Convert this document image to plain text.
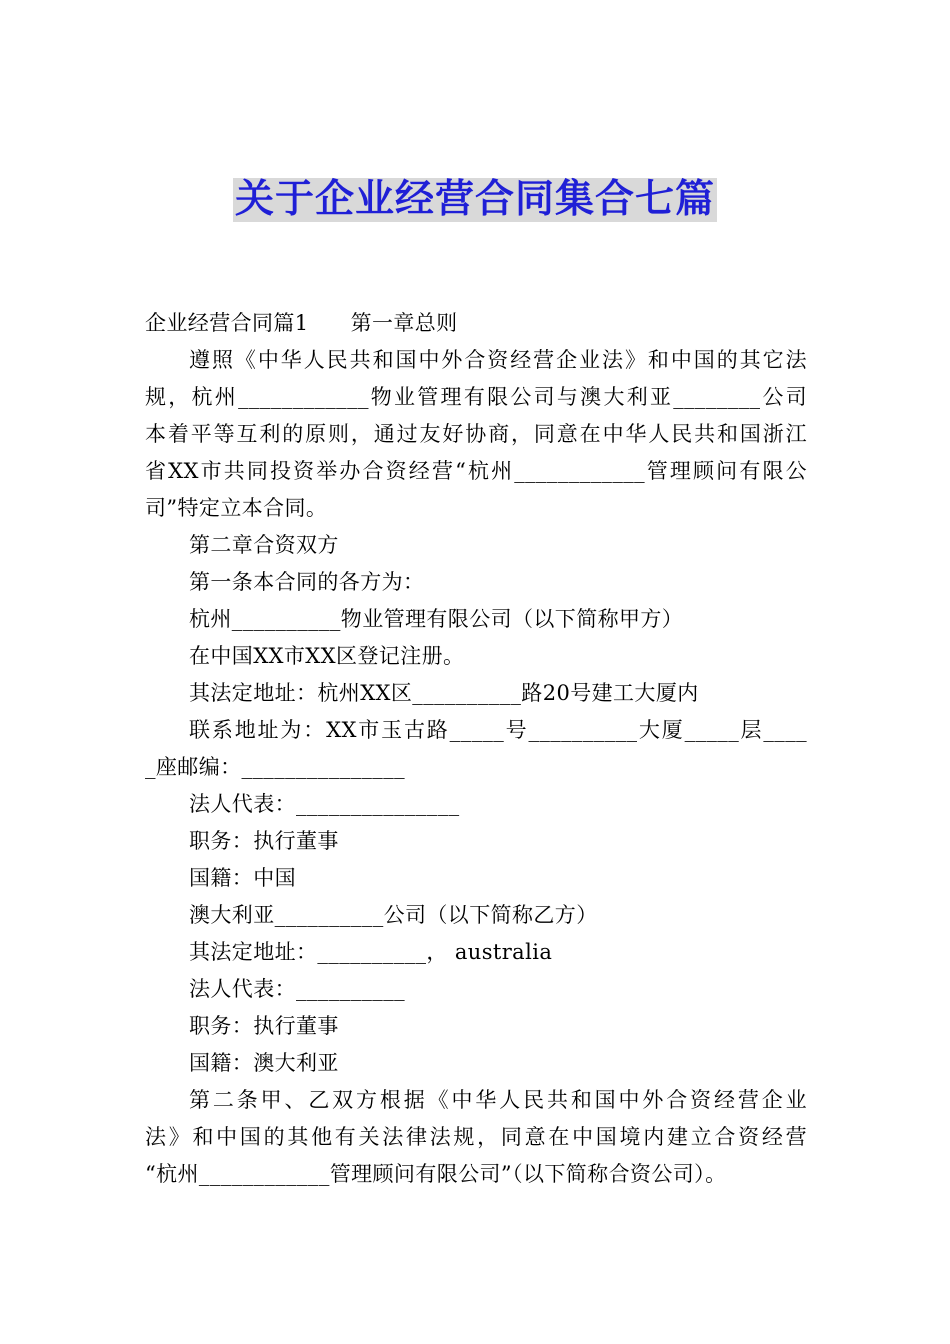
关于企业经营合同集合七篇
企业经营合同篇1 第一章总则
遵照《中华人民共和国中外合资经营企业法》和中国的其它法
规，杭州____________物业管理有限公司与澳大利亚________公司
本着平等互利的原则，通过友好协商，同意在中华人民共和国浙江
省XX市共同投资举办合资经营“杭州____________管理顾问有限公
司”特定立本合同。
第二章合资双方
第一条本合同的各方为：
杭州__________物业管理有限公司（以下简称甲方）
在中国XX市XX区登记注册。
其法定地址：杭州XX区__________路20号建工大厦内
联系地址为：XX市玉古路_____号__________大厦_____层____
_座邮编：_______________
法人代表：_______________
职务：执行董事
国籍：中国
澳大利亚__________公司（以下简称乙方）
其法定地址：__________， australia
法人代表：__________
职务：执行董事
国籍：澳大利亚
第二条甲、乙双方根据《中华人民共和国中外合资经营企业
法》和中国的其他有关法律法规，同意在中国境内建立合资经营
“杭州____________管理顾问有限公司”（以下简称合资公司）。
